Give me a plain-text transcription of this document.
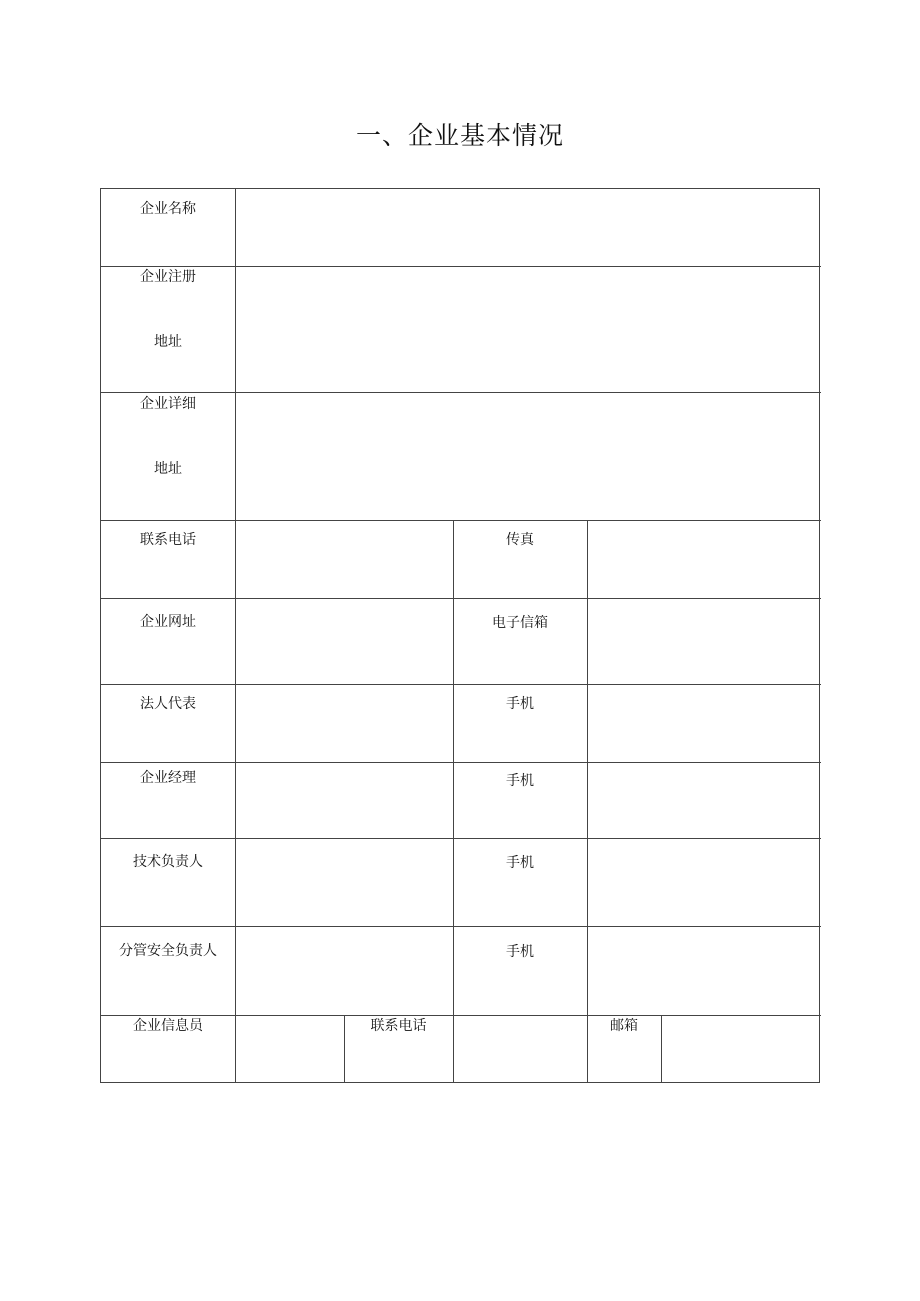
一、企业基本情况
企业名称
企业注册
地址
企业详细
地址
联系电话	传真
企业网址	电子信箱
法人代表	手机
企业经理	手机
技术负责人	手机
分管安全负责人	手机
企业信息员	联系电话	邮箱
